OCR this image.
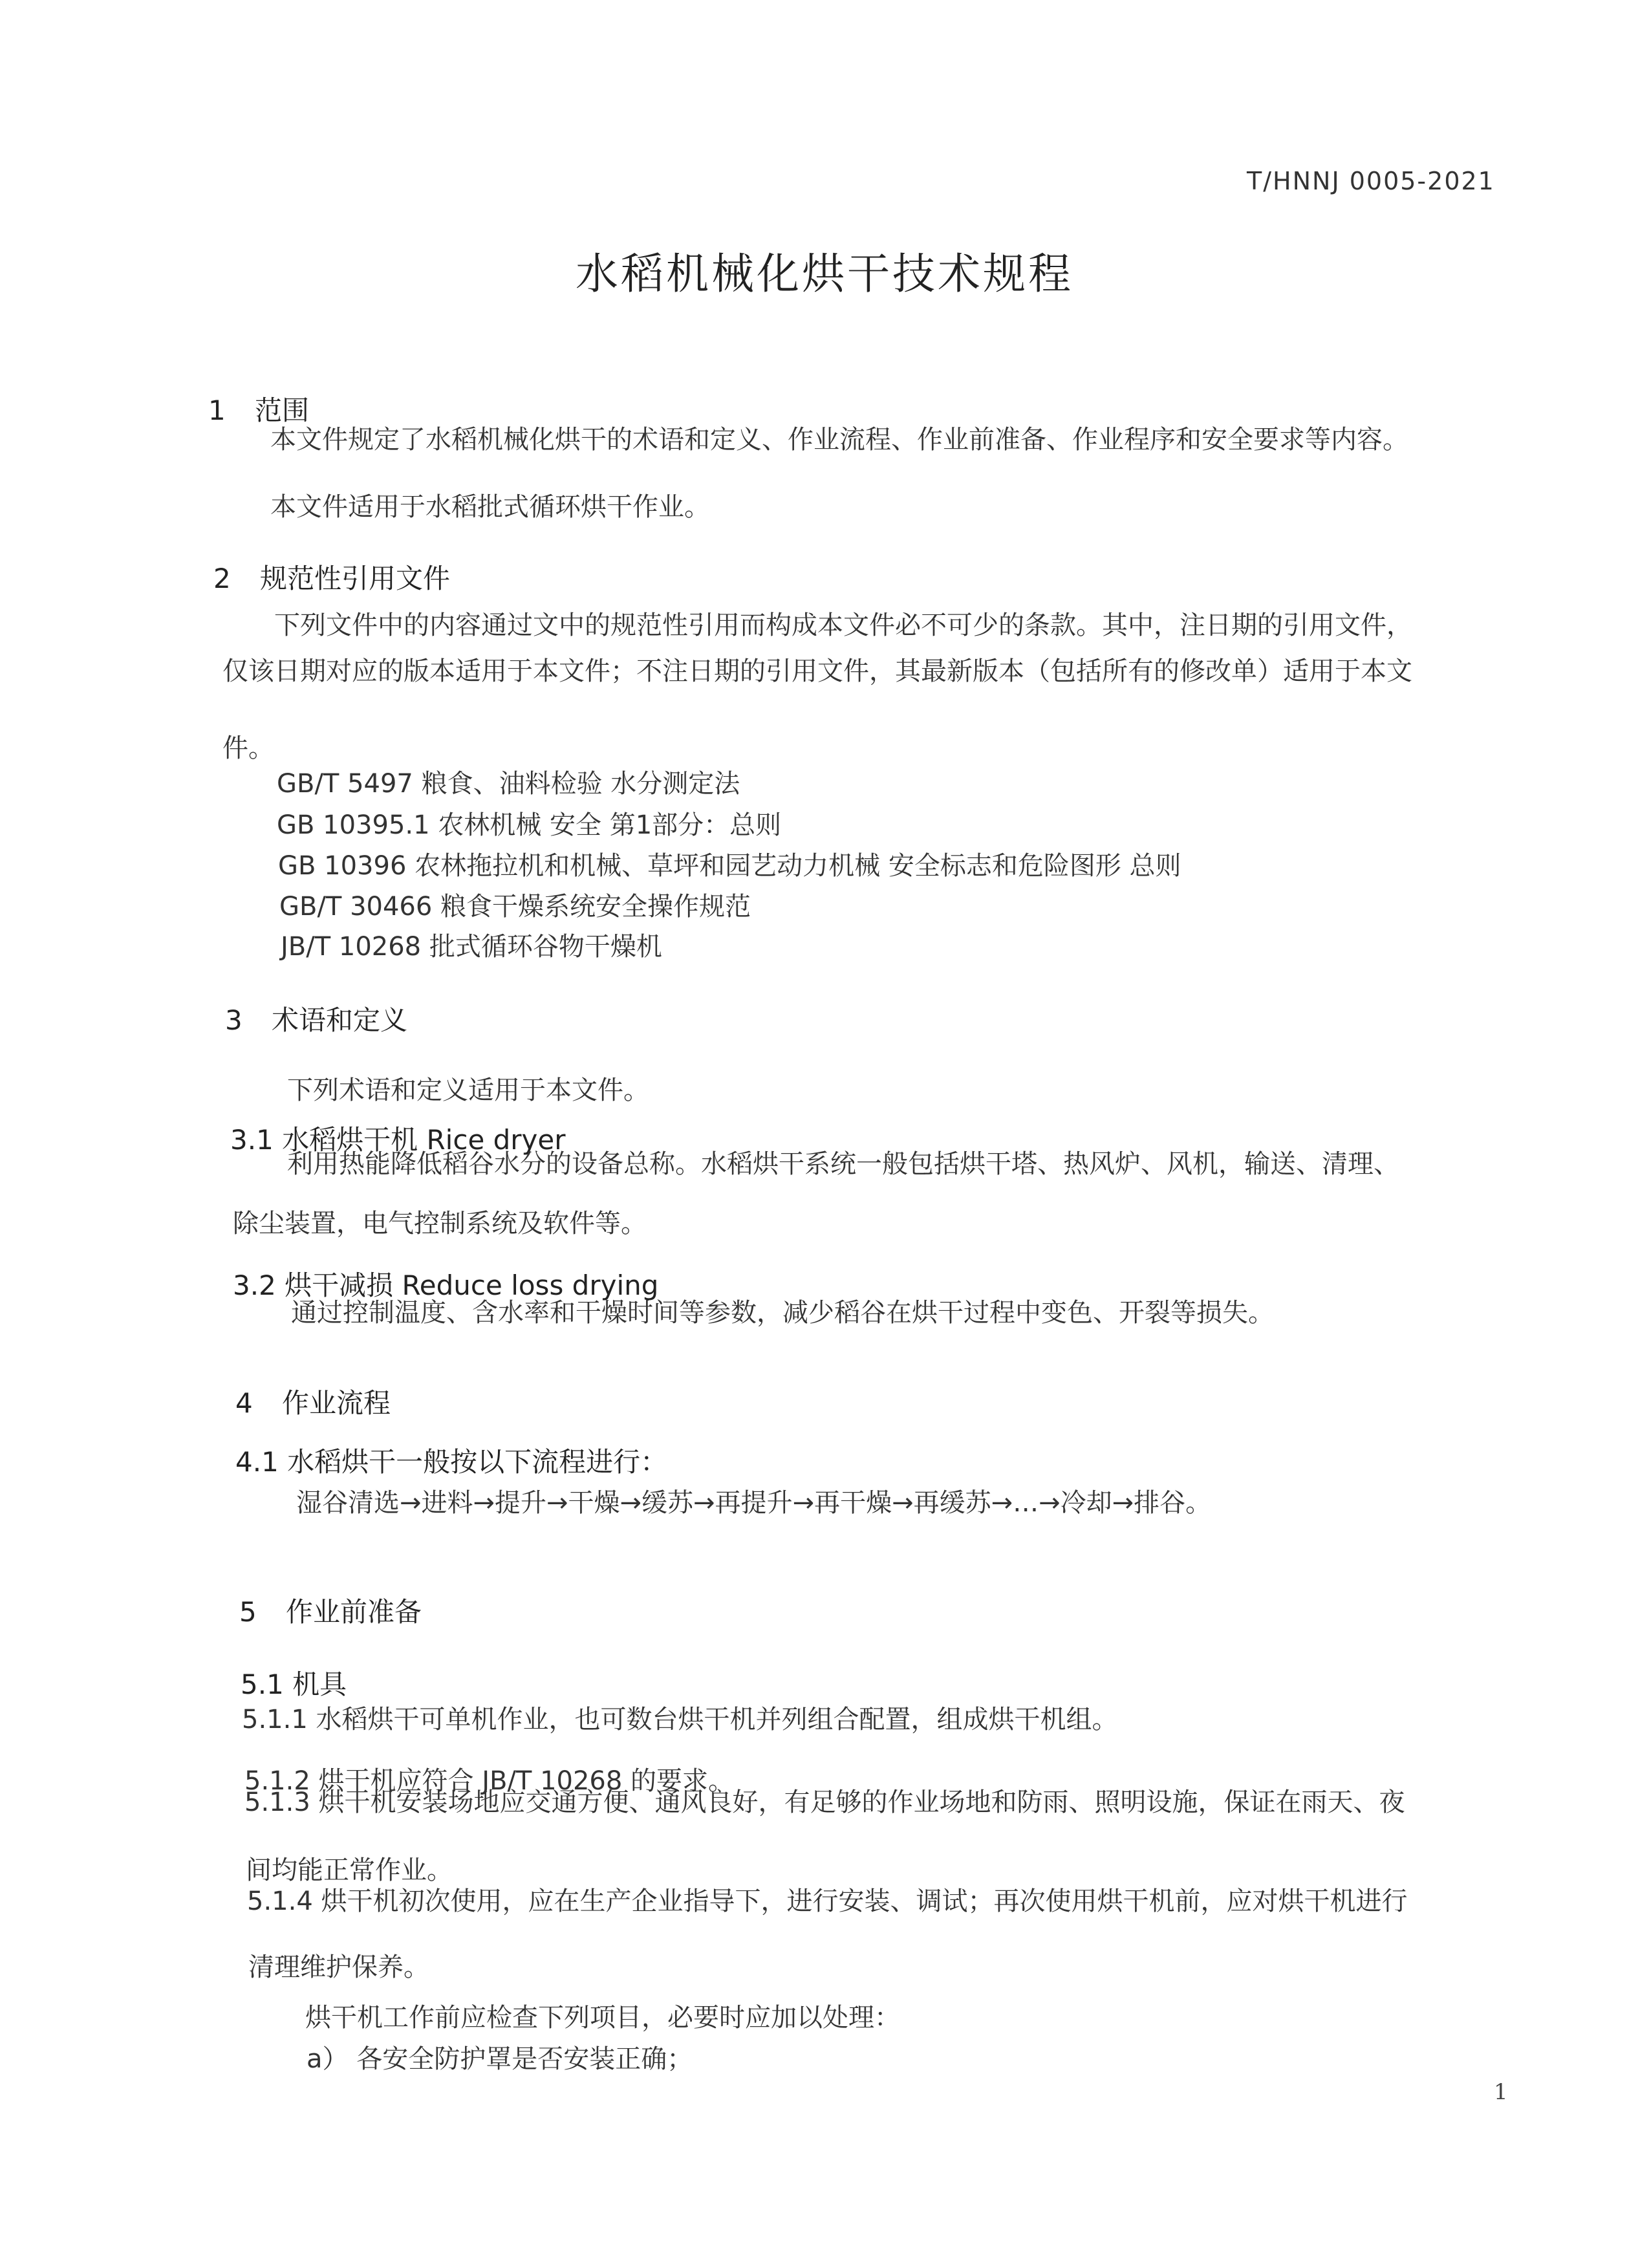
T/HNNJ 0005-2021
水稻机械化烘干技术规程
1 范围
本文件规定了水稻机械化烘干的术语和定义、作业流程、作业前准备、作业程序和安全要求等内容。
本文件适用于水稻批式循环烘干作业。
2 规范性引用文件
下列文件中的内容通过文中的规范性引用而构成本文件必不可少的条款。其中，注日期的引用文件，
仅该日期对应的版本适用于本文件；不注日期的引用文件，其最新版本（包括所有的修改单）适用于本文
件。
GB/T 5497 粮食、油料检验 水分测定法
GB 10395.1 农林机械 安全 第1部分：总则
GB 10396 农林拖拉机和机械、草坪和园艺动力机械 安全标志和危险图形 总则
GB/T 30466 粮食干燥系统安全操作规范
JB/T 10268 批式循环谷物干燥机
3 术语和定义
下列术语和定义适用于本文件。
3.1 水稻烘干机 Rice dryer
利用热能降低稻谷水分的设备总称。水稻烘干系统一般包括烘干塔、热风炉、风机，输送、清理、
除尘装置，电气控制系统及软件等。
3.2 烘干减损 Reduce loss drying
通过控制温度、含水率和干燥时间等参数，减少稻谷在烘干过程中变色、开裂等损失。
4 作业流程
4.1 水稻烘干一般按以下流程进行：
湿谷清选→进料→提升→干燥→缓苏→再提升→再干燥→再缓苏→…→冷却→排谷。
5 作业前准备
5.1 机具
5.1.1 水稻烘干可单机作业，也可数台烘干机并列组合配置，组成烘干机组。
5.1.2 烘干机应符合 JB/T 10268 的要求。
5.1.3 烘干机安装场地应交通方便、通风良好，有足够的作业场地和防雨、照明设施，保证在雨天、夜
间均能正常作业。
5.1.4 烘干机初次使用，应在生产企业指导下，进行安装、调试；再次使用烘干机前，应对烘干机进行
清理维护保养。
烘干机工作前应检查下列项目，必要时应加以处理：
a） 各安全防护罩是否安装正确；
1
